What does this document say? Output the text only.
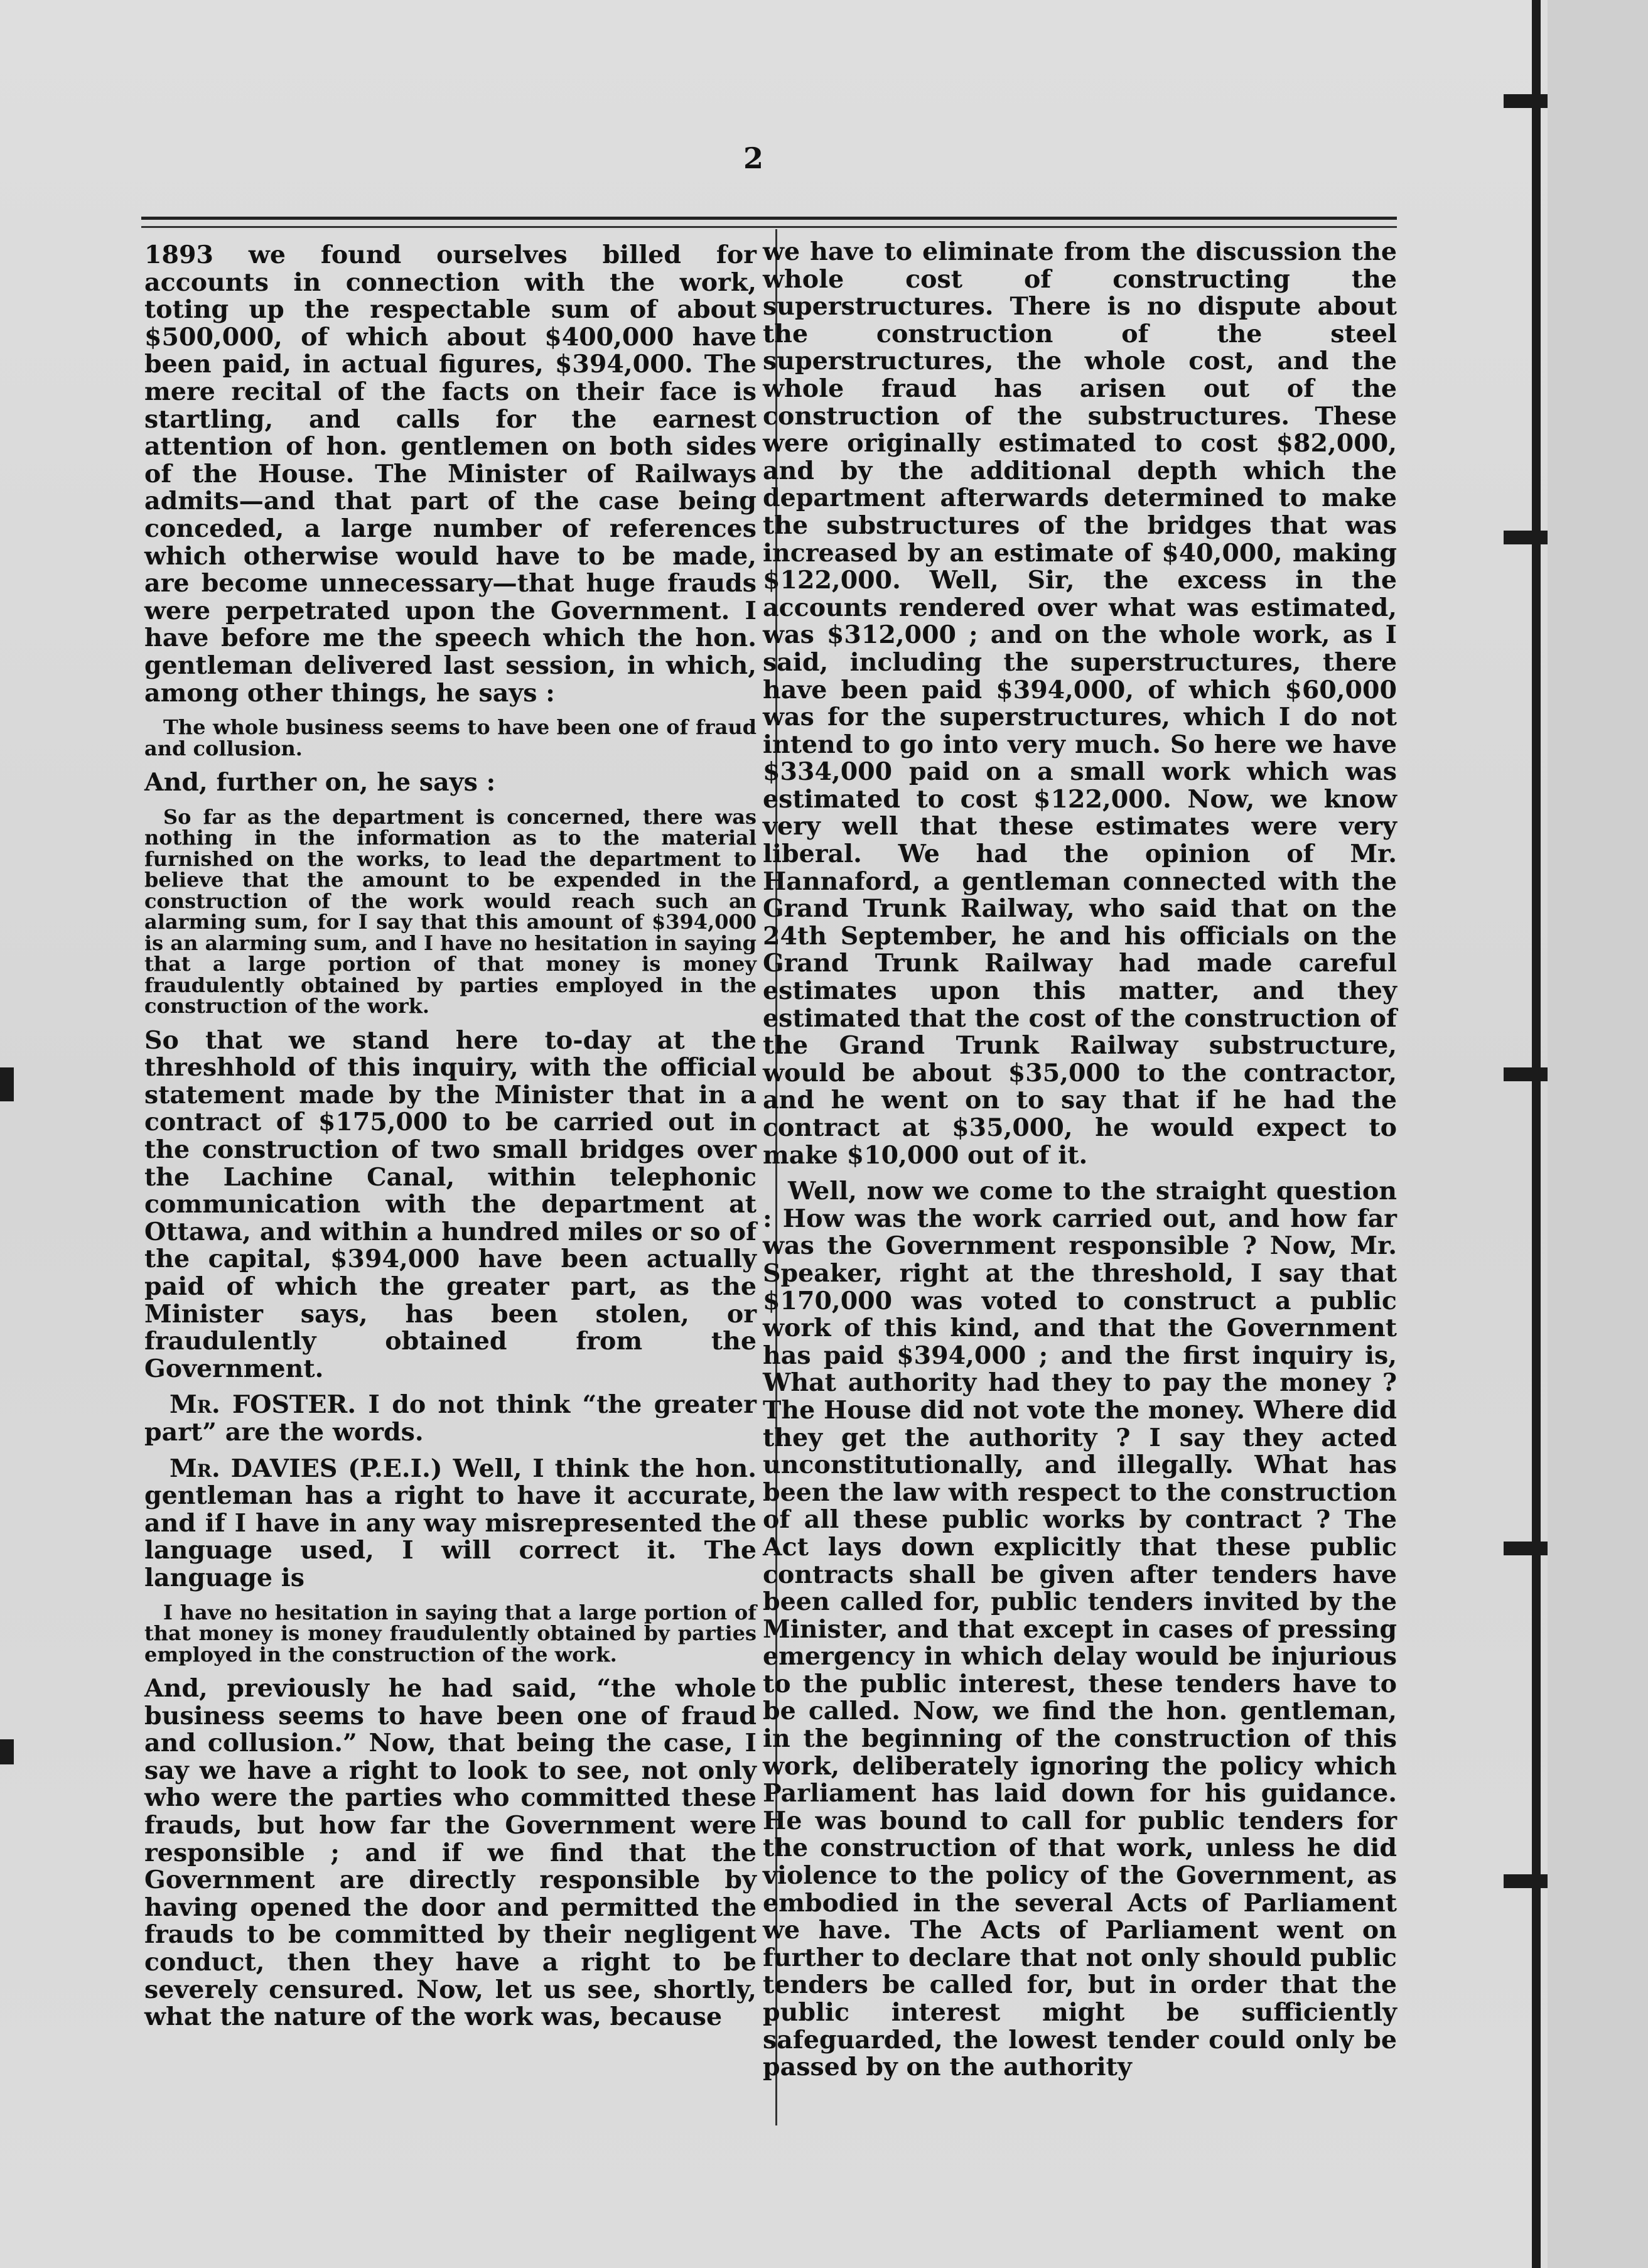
2

1893 we found ourselves billed for accounts in connection with the work, toting up the respectable sum of about $500,000, of which about $400,000 have been paid, in actual figures, $394,000. The mere recital of the facts on their face is startling, and calls for the earnest attention of hon. gentlemen on both sides of the House. The Minister of Railways admits—and that part of the case being conceded, a large number of references which otherwise would have to be made, are become unnecessary—that huge frauds were perpetrated upon the Government. I have before me the speech which the hon. gentleman delivered last session, in which, among other things, he says :

The whole business seems to have been one of fraud and collusion.

And, further on, he says :

So far as the department is concerned, there was nothing in the information as to the material furnished on the works, to lead the department to believe that the amount to be expended in the construction of the work would reach such an alarming sum, for I say that this amount of $394,000 is an alarming sum, and I have no hesitation in saying that a large portion of that money is money fraudulently obtained by parties employed in the construction of the work.

So that we stand here to-day at the threshhold of this inquiry, with the official statement made by the Minister that in a contract of $175,000 to be carried out in the construction of two small bridges over the Lachine Canal, within telephonic communication with the department at Ottawa, and within a hundred miles or so of the capital, $394,000 have been actually paid of which the greater part, as the Minister says, has been stolen, or fraudulently obtained from the Government.

Mr. FOSTER. I do not think “the greater part” are the words.

Mr. DAVIES (P.E.I.) Well, I think the hon. gentleman has a right to have it accurate, and if I have in any way misrepresented the language used, I will correct it. The language is

I have no hesitation in saying that a large portion of that money is money fraudulently obtained by parties employed in the construction of the work.

And, previously he had said, “the whole business seems to have been one of fraud and collusion.” Now, that being the case, I say we have a right to look to see, not only who were the parties who committed these frauds, but how far the Government were responsible ; and if we find that the Government are directly responsible by having opened the door and permitted the frauds to be committed by their negligent conduct, then they have a right to be severely censured. Now, let us see, shortly, what the nature of the work was, because

we have to eliminate from the discussion the whole cost of constructing the superstructures. There is no dispute about the construction of the steel superstructures, the whole cost, and the whole fraud has arisen out of the construction of the substructures. These were originally estimated to cost $82,000, and by the additional depth which the department afterwards determined to make the substructures of the bridges that was increased by an estimate of $40,000, making $122,000. Well, Sir, the excess in the accounts rendered over what was estimated, was $312,000 ; and on the whole work, as I said, including the superstructures, there have been paid $394,000, of which $60,000 was for the superstructures, which I do not intend to go into very much. So here we have $334,000 paid on a small work which was estimated to cost $122,000. Now, we know very well that these estimates were very liberal. We had the opinion of Mr. Hannaford, a gentleman connected with the Grand Trunk Railway, who said that on the 24th September, he and his officials on the Grand Trunk Railway had made careful estimates upon this matter, and they estimated that the cost of the construction of the Grand Trunk Railway substructure, would be about $35,000 to the contractor, and he went on to say that if he had the contract at $35,000, he would expect to make $10,000 out of it.

Well, now we come to the straight question : How was the work carried out, and how far was the Government responsible ? Now, Mr. Speaker, right at the threshold, I say that $170,000 was voted to construct a public work of this kind, and that the Government has paid $394,000 ; and the first inquiry is, What authority had they to pay the money ? The House did not vote the money. Where did they get the authority ? I say they acted unconstitutionally, and illegally. What has been the law with respect to the construction of all these public works by contract ? The Act lays down explicitly that these public contracts shall be given after tenders have been called for, public tenders invited by the Minister, and that except in cases of pressing emergency in which delay would be injurious to the public interest, these tenders have to be called. Now, we find the hon. gentleman, in the beginning of the construction of this work, deliberately ignoring the policy which Parliament has laid down for his guidance. He was bound to call for public tenders for the construction of that work, unless he did violence to the policy of the Government, as embodied in the several Acts of Parliament we have. The Acts of Parliament went on further to declare that not only should public tenders be called for, but in order that the public interest might be sufficiently safeguarded, the lowest tender could only be passed by on the authority
